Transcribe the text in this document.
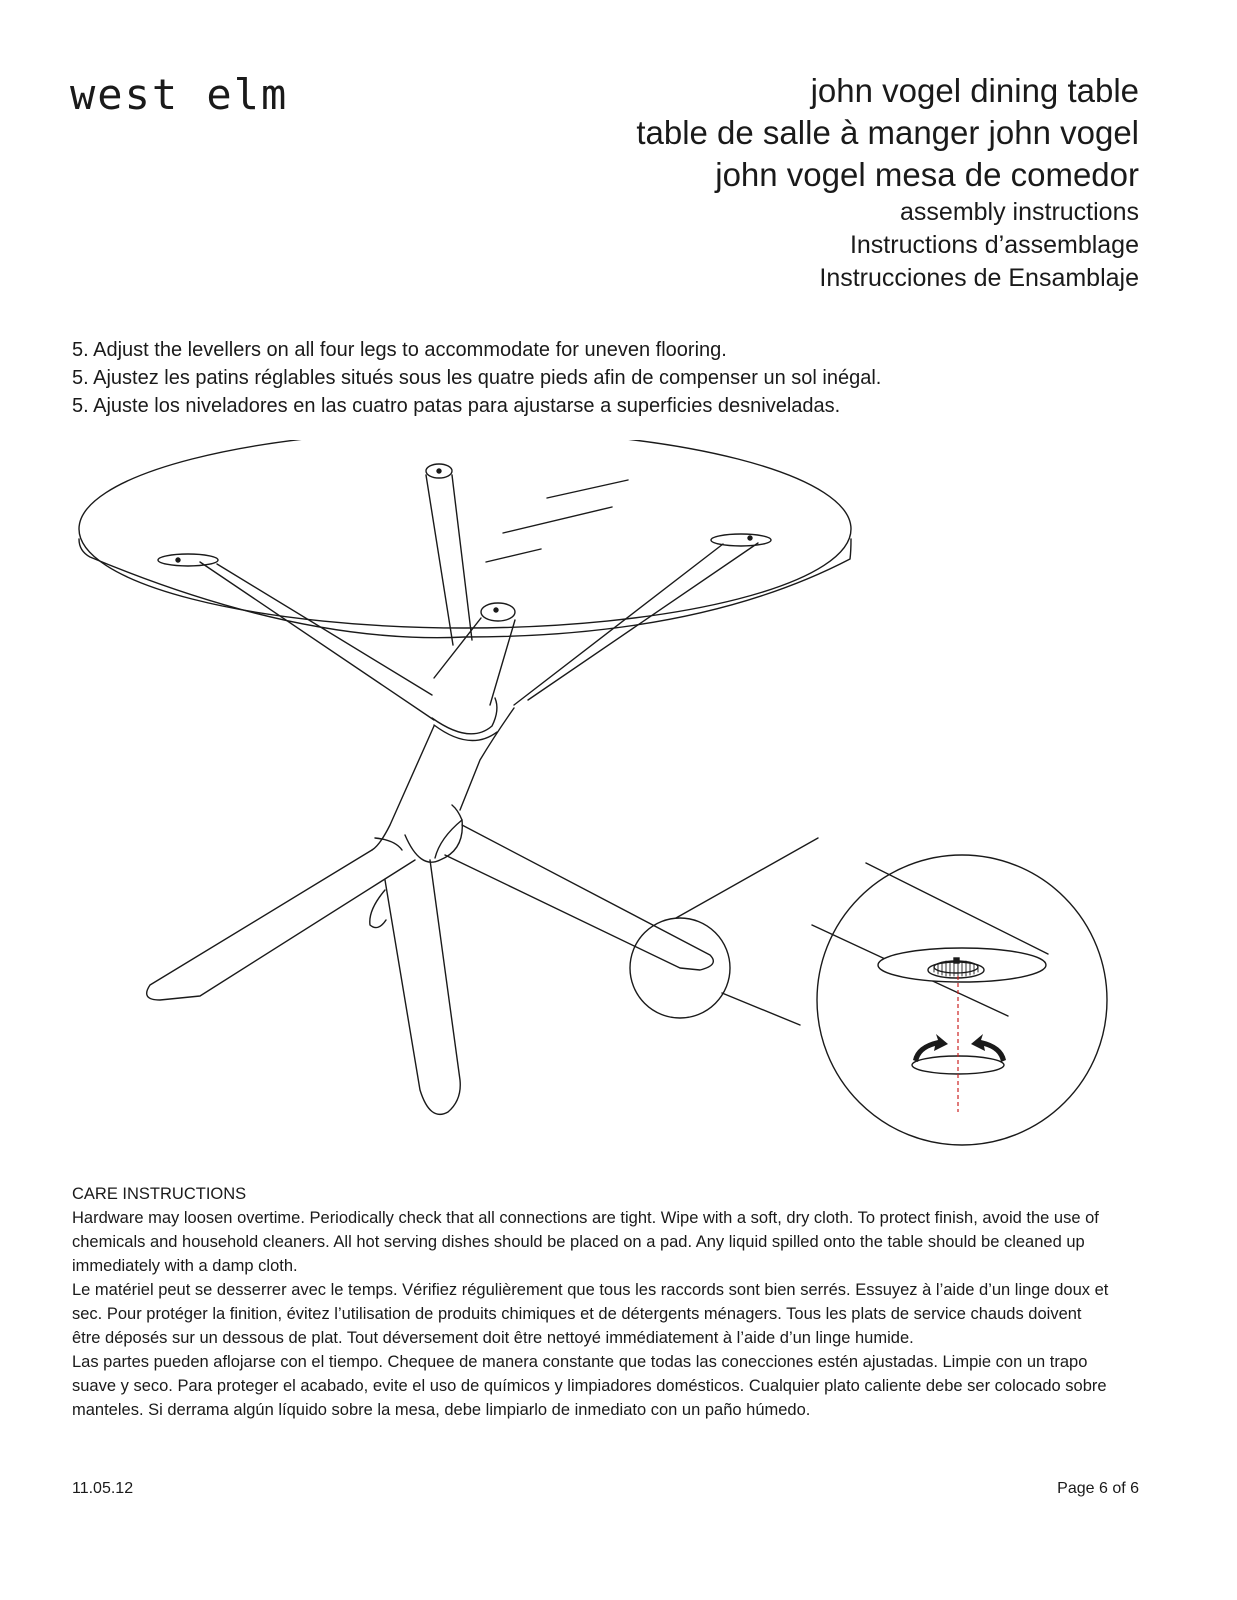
west elm	john vogel dining table
table de salle à manger john vogel
john vogel mesa de comedor
assembly instructions
Instructions d’assemblage
Instrucciones de Ensamblaje
5. Adjust the levellers on all four legs to accommodate for uneven flooring.
5. Ajustez les patins réglables situés sous les quatre pieds afin de compenser un sol inégal.
5. Ajuste los niveladores en las cuatro patas para ajustarse a superficies desniveladas.

CARE INSTRUCTIONS

Hardware may loosen overtime. Periodically check that all connections are tight. Wipe with a soft, dry cloth. To protect finish, avoid the use of chemicals and household cleaners. All hot serving dishes should be placed on a pad. Any liquid spilled onto the table should be cleaned up immediately with a damp cloth.

Le matériel peut se desserrer avec le temps. Vérifiez régulièrement que tous les raccords sont bien serrés. Essuyez à l’aide d’un linge doux et sec. Pour protéger la finition, évitez l’utilisation de produits chimiques et de détergents ménagers. Tous les plats de service chauds doivent être déposés sur un dessous de plat. Tout déversement doit être nettoyé immédiatement à l’aide d’un linge humide.

Las partes pueden aflojarse con el tiempo. Chequee de manera constante que todas las conecciones estén ajustadas. Limpie con un trapo suave y seco. Para proteger el acabado, evite el uso de químicos y limpiadores domésticos. Cualquier plato caliente debe ser colocado sobre manteles. Si derrama algún líquido sobre la mesa, debe limpiarlo de inmediato con un paño húmedo.

11.05.12	Page 6 of 6
